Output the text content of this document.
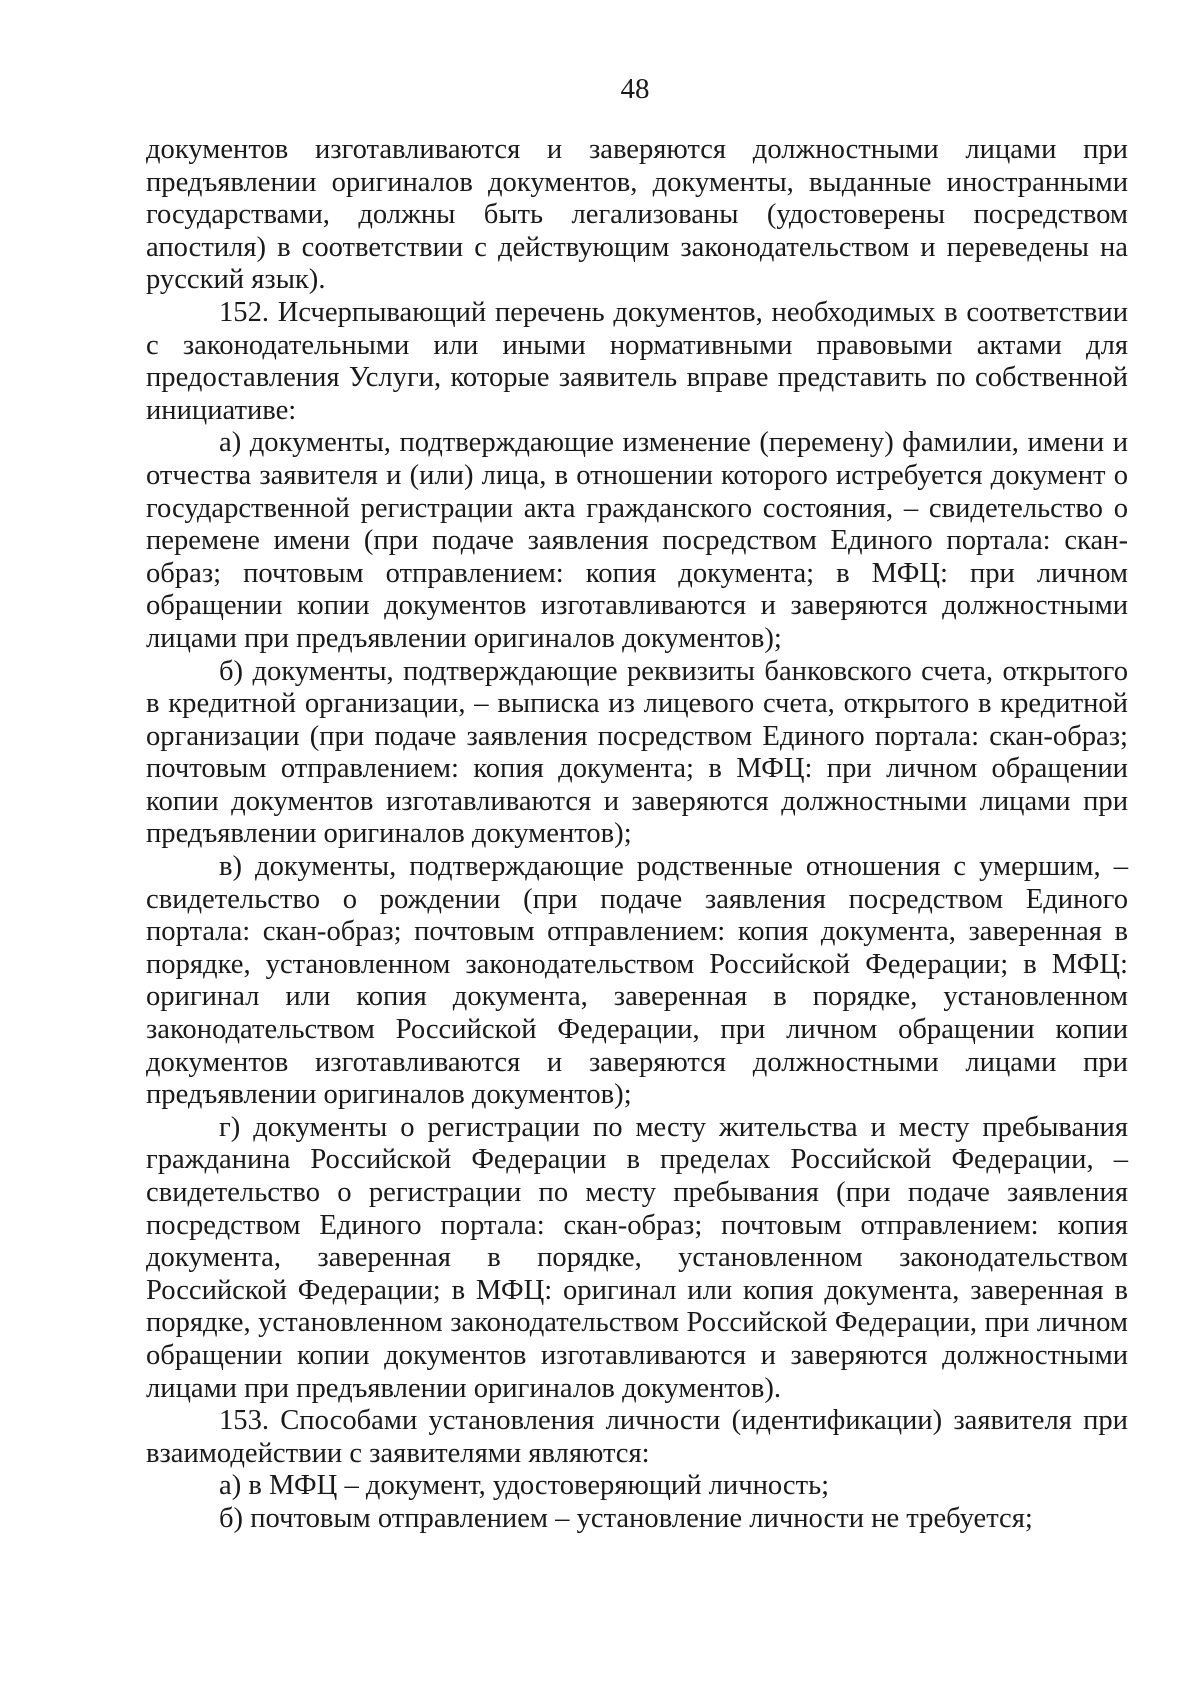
48

документов изготавливаются и заверяются должностными лицами при предъявлении оригиналов документов, документы, выданные иностранными государствами, должны быть легализованы (удостоверены посредством апостиля) в соответствии с действующим законодательством и переведены на русский язык).

152. Исчерпывающий перечень документов, необходимых в соответствии с законодательными или иными нормативными правовыми актами для предоставления Услуги, которые заявитель вправе представить по собственной инициативе:

а) документы, подтверждающие изменение (перемену) фамилии, имени и отчества заявителя и (или) лица, в отношении которого истребуется документ о государственной регистрации акта гражданского состояния, – свидетельство о перемене имени (при подаче заявления посредством Единого портала: скан-образ; почтовым отправлением: копия документа; в МФЦ: при личном обращении копии документов изготавливаются и заверяются должностными лицами при предъявлении оригиналов документов);

б) документы, подтверждающие реквизиты банковского счета, открытого в кредитной организации, – выписка из лицевого счета, открытого в кредитной организации (при подаче заявления посредством Единого портала: скан-образ; почтовым отправлением: копия документа; в МФЦ: при личном обращении копии документов изготавливаются и заверяются должностными лицами при предъявлении оригиналов документов);

в) документы, подтверждающие родственные отношения с умершим, – свидетельство о рождении (при подаче заявления посредством Единого портала: скан-образ; почтовым отправлением: копия документа, заверенная в порядке, установленном законодательством Российской Федерации; в МФЦ: оригинал или копия документа, заверенная в порядке, установленном законодательством Российской Федерации, при личном обращении копии документов изготавливаются и заверяются должностными лицами при предъявлении оригиналов документов);

г) документы о регистрации по месту жительства и месту пребывания гражданина Российской Федерации в пределах Российской Федерации, – свидетельство о регистрации по месту пребывания (при подаче заявления посредством Единого портала: скан-образ; почтовым отправлением: копия документа, заверенная в порядке, установленном законодательством Российской Федерации; в МФЦ: оригинал или копия документа, заверенная в порядке, установленном законодательством Российской Федерации, при личном обращении копии документов изготавливаются и заверяются должностными лицами при предъявлении оригиналов документов).

153. Способами установления личности (идентификации) заявителя при взаимодействии с заявителями являются:

а) в МФЦ – документ, удостоверяющий личность;

б) почтовым отправлением – установление личности не требуется;
